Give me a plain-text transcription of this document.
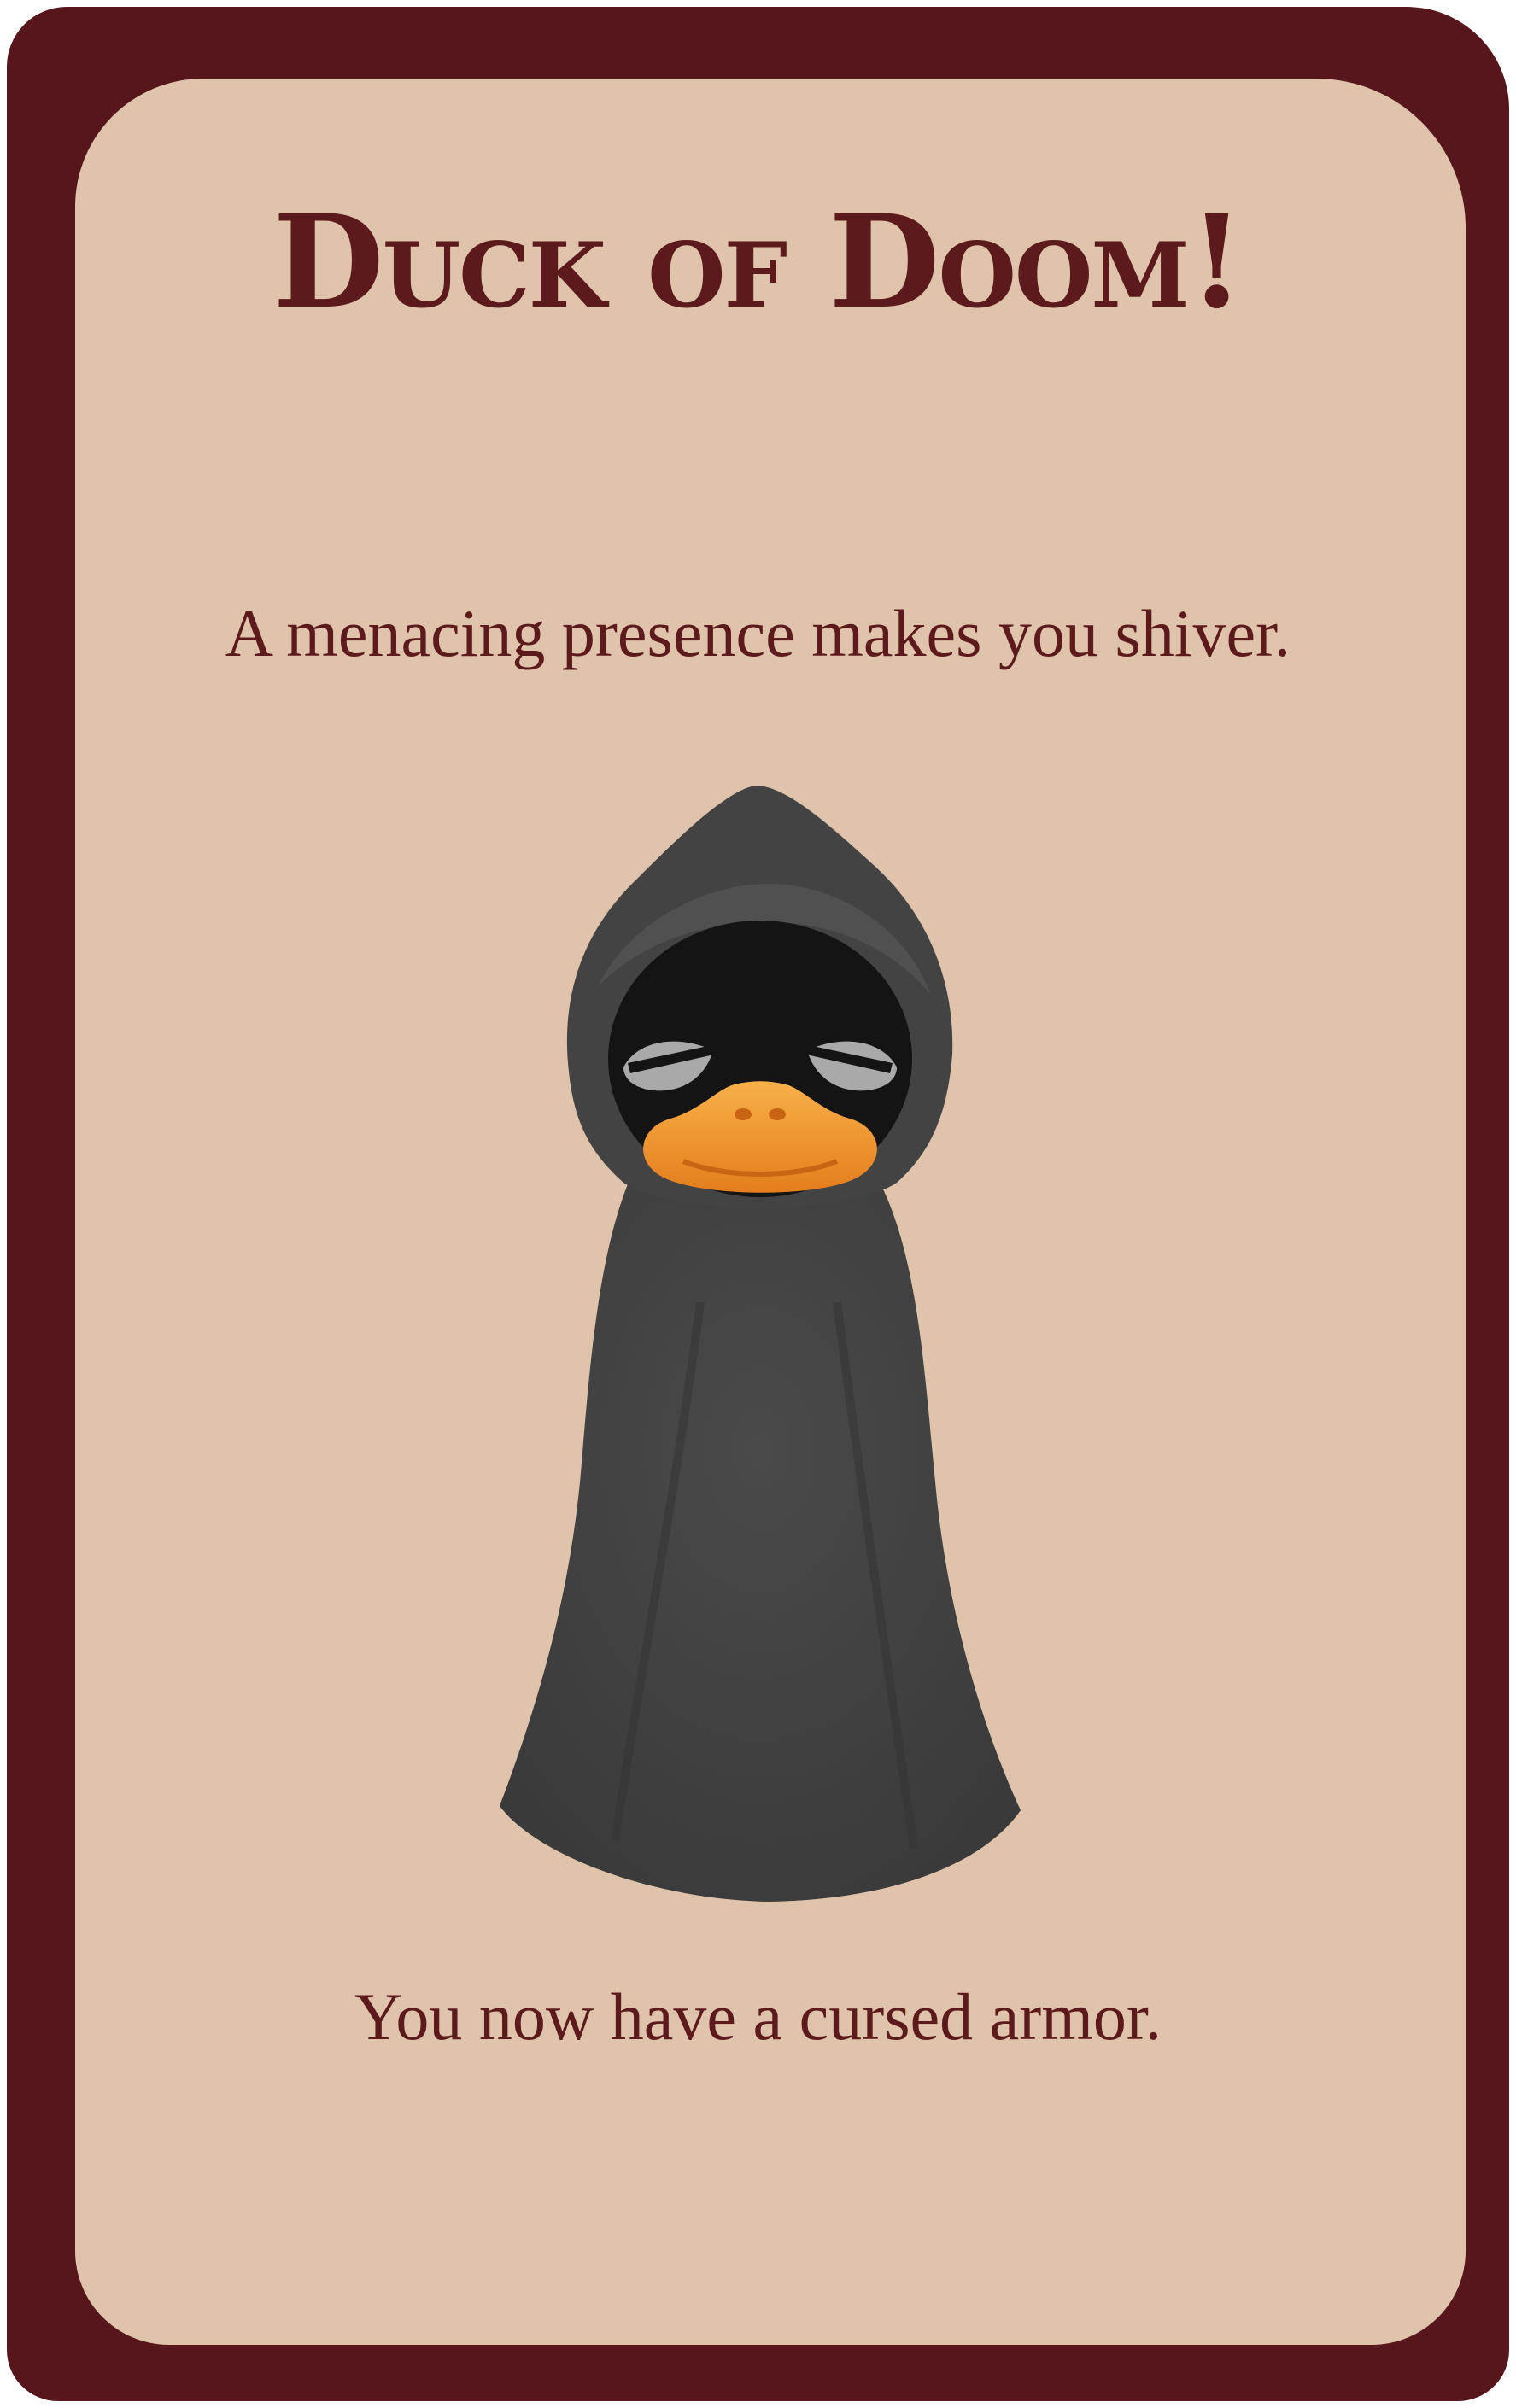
Duck of Doom!

A menacing presence makes you shiver.

You now have a cursed armor.
